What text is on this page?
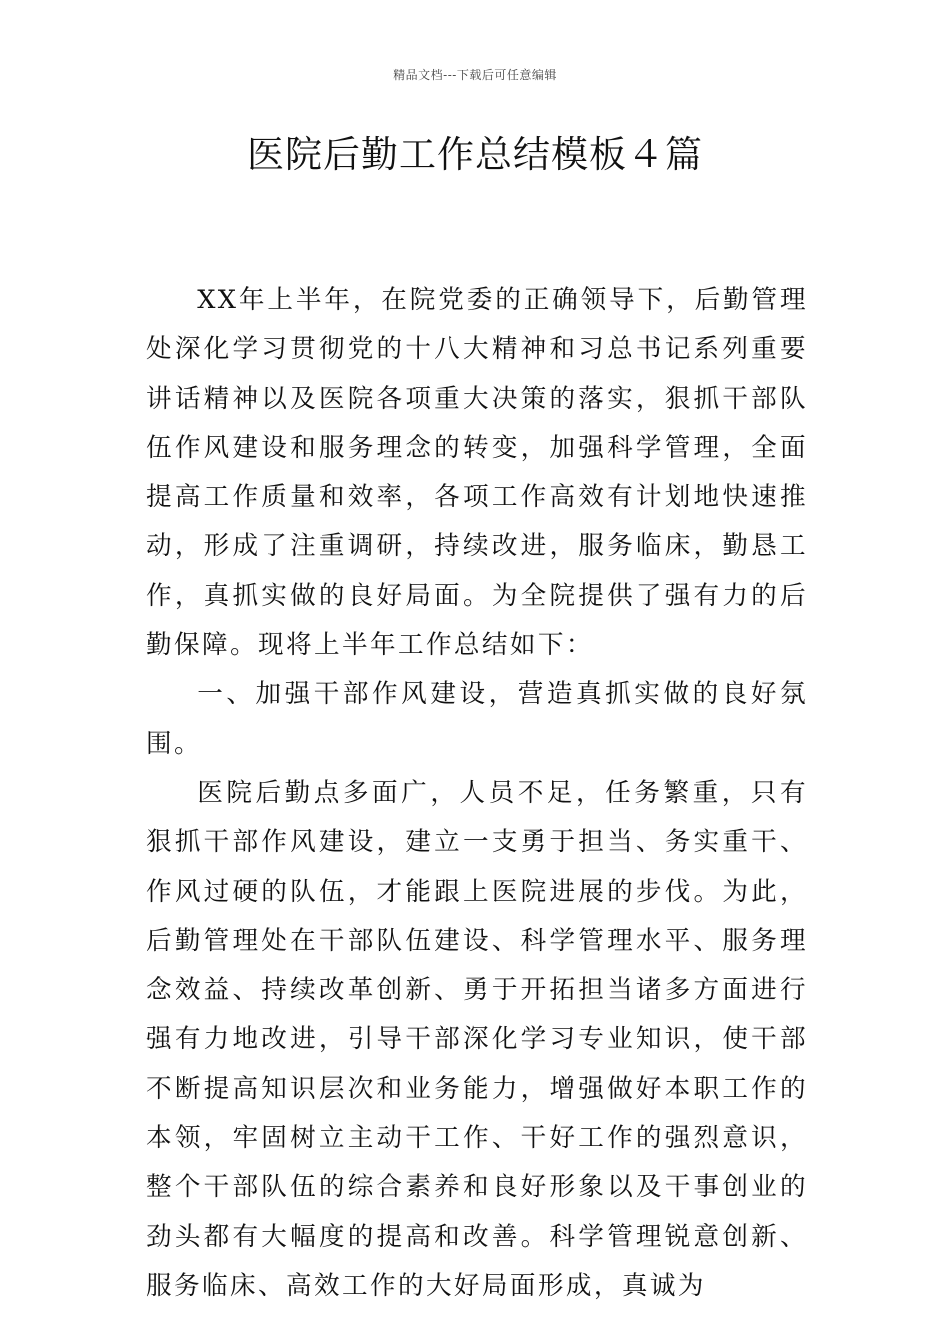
精品文档---下载后可任意编辑
医院后勤工作总结模板４篇

XX年上半年，在院党委的正确领导下，后勤管理处深化学习贯彻党的十八大精神和习总书记系列重要讲话精神以及医院各项重大决策的落实，狠抓干部队伍作风建设和服务理念的转变，加强科学管理，全面提高工作质量和效率，各项工作高效有计划地快速推动，形成了注重调研，持续改进，服务临床，勤恳工作，真抓实做的良好局面。为全院提供了强有力的后勤保障。现将上半年工作总结如下：

一、加强干部作风建设，营造真抓实做的良好氛围。

医院后勤点多面广，人员不足，任务繁重，只有狠抓干部作风建设，建立一支勇于担当、务实重干、作风过硬的队伍，才能跟上医院进展的步伐。为此，后勤管理处在干部队伍建设、科学管理水平、服务理念效益、持续改革创新、勇于开拓担当诸多方面进行强有力地改进，引导干部深化学习专业知识，使干部不断提高知识层次和业务能力，增强做好本职工作的本领，牢固树立主动干工作、干好工作的强烈意识，整个干部队伍的综合素养和良好形象以及干事创业的劲头都有大幅度的提高和改善。科学管理锐意创新、服务临床、高效工作的大好局面形成，真诚为
